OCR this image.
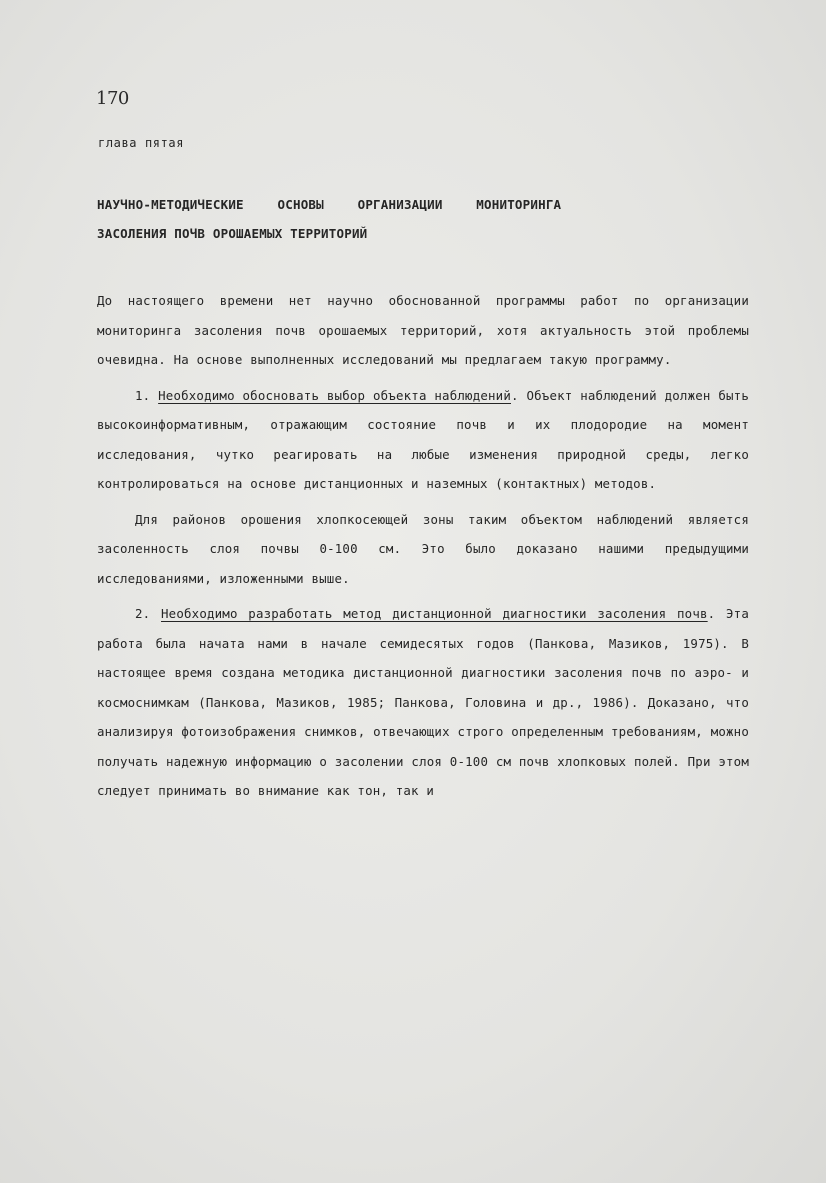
170
глава пятая
НАУЧНО-МЕТОДИЧЕСКИЕ ОСНОВЫ ОРГАНИЗАЦИИ МОНИТОРИНГА
ЗАСОЛЕНИЯ ПОЧВ ОРОШАЕМЫХ ТЕРРИТОРИЙ

До настоящего времени нет научно обоснованной программы работ по организации мониторинга засоления почв орошаемых территорий, хотя актуальность этой проблемы очевидна. На основе выполненных исследований мы предлагаем такую программу.

1. Необходимо обосновать выбор объекта наблюдений. Объект наблюдений должен быть высокоинформативным, отражающим состояние почв и их плодородие на момент исследования, чутко реагировать на любые изменения природной среды, легко контролироваться на основе дистанционных и наземных (контактных) методов.

Для районов орошения хлопкосеющей зоны таким объектом наблюдений является засоленность слоя почвы 0-100 см. Это было доказано нашими предыдущими исследованиями, изложенными выше.

2. Необходимо разработать метод дистанционной диагностики засоления почв. Эта работа была начата нами в начале семидесятых годов (Панкова, Мазиков, 1975). В настоящее время создана методика дистанционной диагностики засоления почв по аэро- и космоснимкам (Панкова, Мазиков, 1985; Панкова, Головина и др., 1986). Доказано, что анализируя фотоизображения снимков, отвечающих строго определенным требованиям, можно получать надежную информацию о засолении слоя 0-100 см почв хлопковых полей. При этом следует принимать во внимание как тон, так и
